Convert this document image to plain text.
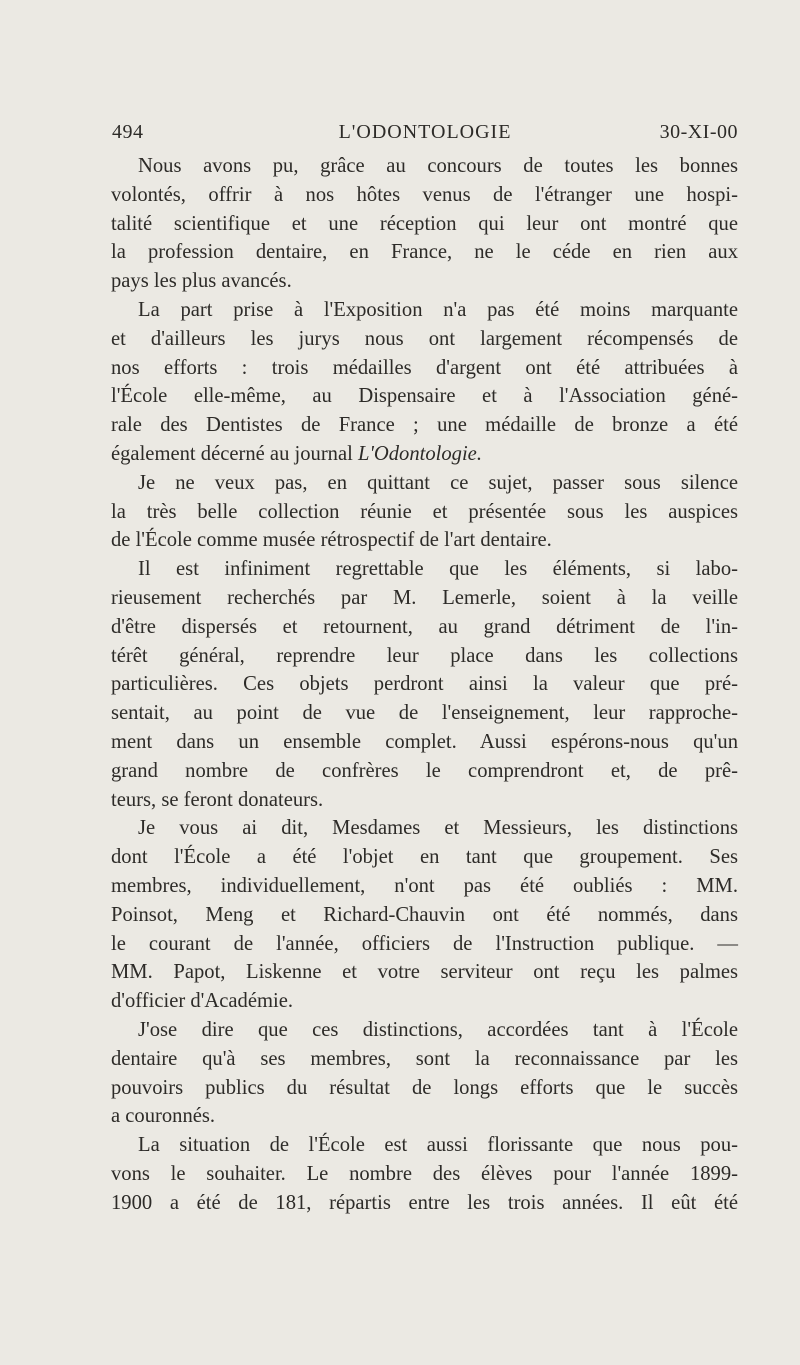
494	L'ODONTOLOGIE	30-XI-00

Nous avons pu, grâce au concours de toutes les bonnes
volontés, offrir à nos hôtes venus de l'étranger une hospi-
talité scientifique et une réception qui leur ont montré que
la profession dentaire, en France, ne le céde en rien aux
pays les plus avancés.

La part prise à l'Exposition n'a pas été moins marquante
et d'ailleurs les jurys nous ont largement récompensés de
nos efforts : trois médailles d'argent ont été attribuées à
l'École elle-même, au Dispensaire et à l'Association géné-
rale des Dentistes de France ; une médaille de bronze a été
également décerné au journal L'Odontologie.

Je ne veux pas, en quittant ce sujet, passer sous silence
la très belle collection réunie et présentée sous les auspices
de l'École comme musée rétrospectif de l'art dentaire.

Il est infiniment regrettable que les éléments, si labo-
rieusement recherchés par M. Lemerle, soient à la veille
d'être dispersés et retournent, au grand détriment de l'in-
térêt général, reprendre leur place dans les collections
particulières. Ces objets perdront ainsi la valeur que pré-
sentait, au point de vue de l'enseignement, leur rapproche-
ment dans un ensemble complet. Aussi espérons-nous qu'un
grand nombre de confrères le comprendront et, de prê-
teurs, se feront donateurs.

Je vous ai dit, Mesdames et Messieurs, les distinctions
dont l'École a été l'objet en tant que groupement. Ses
membres, individuellement, n'ont pas été oubliés : MM.
Poinsot, Meng et Richard-Chauvin ont été nommés, dans
le courant de l'année, officiers de l'Instruction publique. —
MM. Papot, Liskenne et votre serviteur ont reçu les palmes
d'officier d'Académie.

J'ose dire que ces distinctions, accordées tant à l'École
dentaire qu'à ses membres, sont la reconnaissance par les
pouvoirs publics du résultat de longs efforts que le succès
a couronnés.

La situation de l'École est aussi florissante que nous pou-
vons le souhaiter. Le nombre des élèves pour l'année 1899-
1900 a été de 181, répartis entre les trois années. Il eût été
